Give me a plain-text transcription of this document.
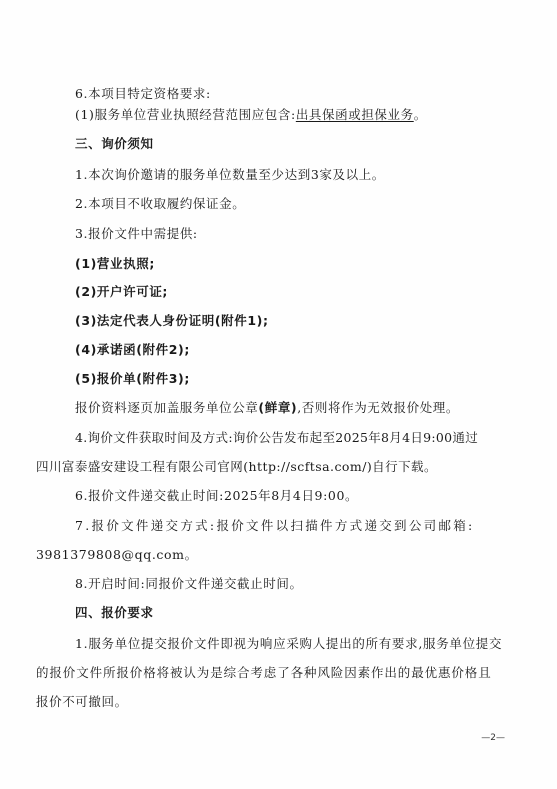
6.本项目特定资格要求:
(1)服务单位营业执照经营范围应包含:出具保函或担保业务。
三、询价须知
1.本次询价邀请的服务单位数量至少达到3家及以上。
2.本项目不收取履约保证金。
3.报价文件中需提供:
(1)营业执照;
(2)开户许可证;
(3)法定代表人身份证明(附件1);
(4)承诺函(附件2);
(5)报价单(附件3);
报价资料逐页加盖服务单位公章(鲜章),否则将作为无效报价处理。
4.询价文件获取时间及方式:询价公告发布起至2025年8月4日9:00通过
四川富泰盛安建设工程有限公司官网(http://scftsa.com/)自行下载。
6.报价文件递交截止时间:2025年8月4日9:00。
7.报价文件递交方式:报价文件以扫描件方式递交到公司邮箱:
3981379808@qq.com。
8.开启时间:同报价文件递交截止时间。
四、报价要求
1.服务单位提交报价文件即视为响应采购人提出的所有要求,服务单位提交
的报价文件所报价格将被认为是综合考虑了各种风险因素作出的最优惠价格且
报价不可撤回。
—2—
